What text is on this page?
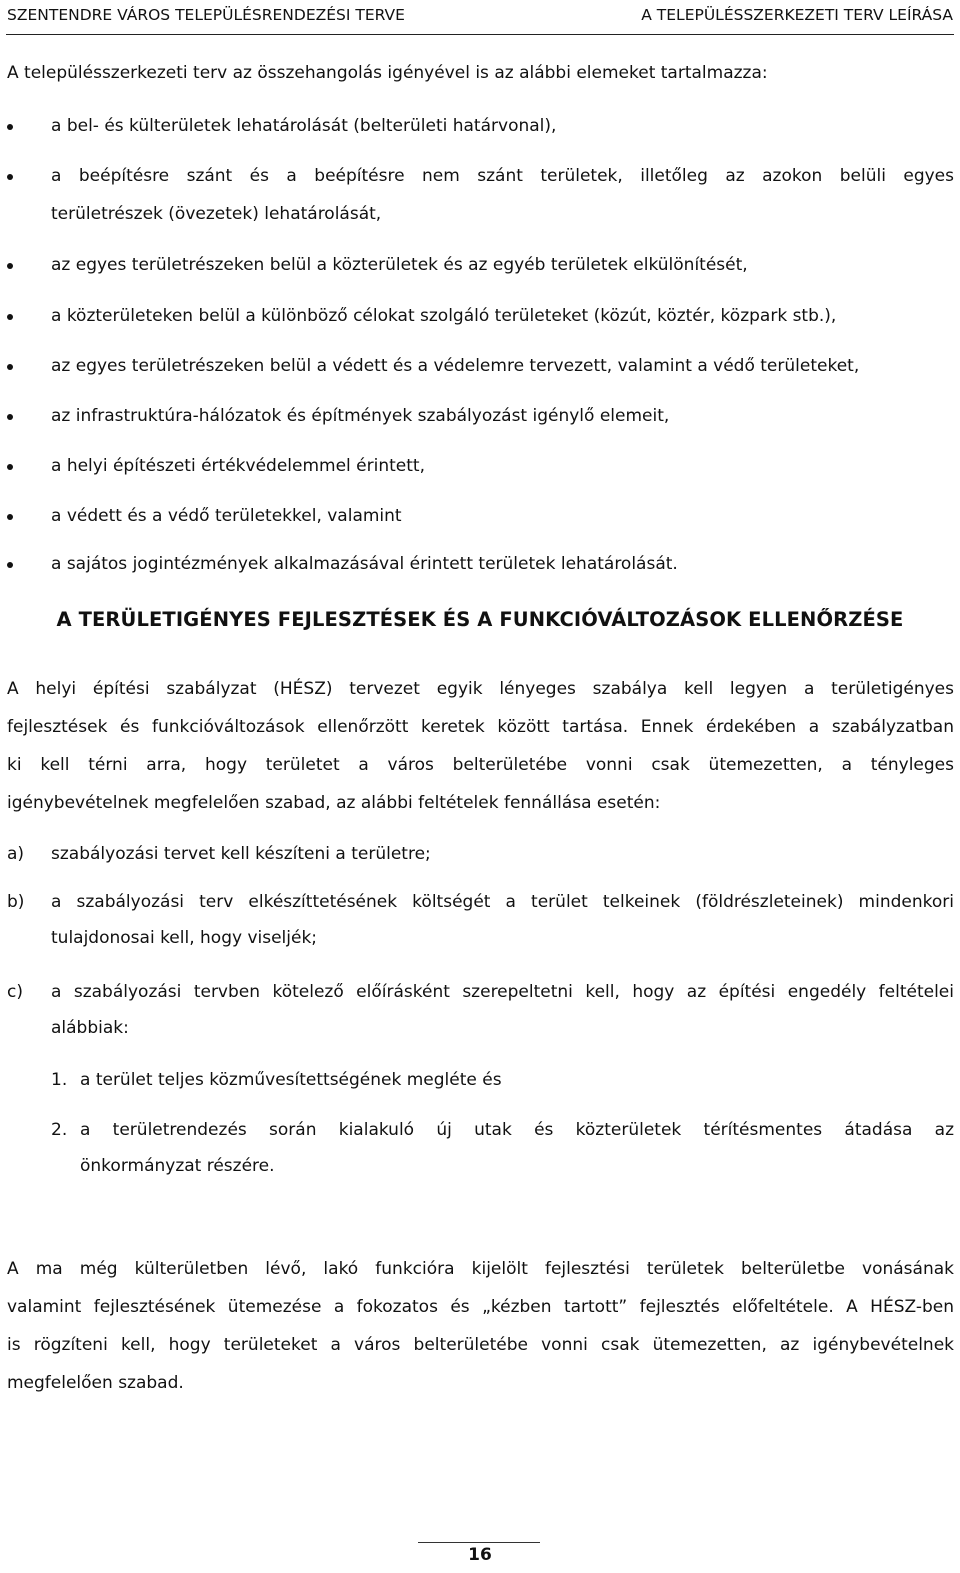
SZENTENDRE VÁROS TELEPÜLÉSRENDEZÉSI TERVE	A TELEPÜLÉSSZERKEZETI TERV LEÍRÁSA
A településszerkezeti terv az összehangolás igényével is az alábbi elemeket tartalmazza:
a bel- és külterületek lehatárolását (belterületi határvonal),
a beépítésre szánt és a beépítésre nem szánt területek, illetőleg az azokon belüli egyes
területrészek (övezetek) lehatárolását,
az egyes területrészeken belül a közterületek és az egyéb területek elkülönítését,
a közterületeken belül a különböző célokat szolgáló területeket (közút, köztér, közpark stb.),
az egyes területrészeken belül a védett és a védelemre tervezett, valamint a védő területeket,
az infrastruktúra-hálózatok és építmények szabályozást igénylő elemeit,
a helyi építészeti értékvédelemmel érintett,
a védett és a védő területekkel, valamint
a sajátos jogintézmények alkalmazásával érintett területek lehatárolását.
A TERÜLETIGÉNYES FEJLESZTÉSEK ÉS A FUNKCIÓVÁLTOZÁSOK ELLENŐRZÉSE
A helyi építési szabályzat (HÉSZ) tervezet egyik lényeges szabálya kell legyen a területigényes
fejlesztések és funkcióváltozások ellenőrzött keretek között tartása. Ennek érdekében a szabályzatban
ki kell térni arra, hogy területet a város belterületébe vonni csak ütemezetten, a tényleges
igénybevételnek megfelelően szabad, az alábbi feltételek fennállása esetén:
a) szabályozási tervet kell készíteni a területre;
b) a szabályozási terv elkészíttetésének költségét a terület telkeinek (földrészleteinek) mindenkori
tulajdonosai kell, hogy viseljék;
c) a szabályozási tervben kötelező előírásként szerepeltetni kell, hogy az építési engedély feltételei
alábbiak:
1. a terület teljes közművesítettségének megléte és
2. a területrendezés során kialakuló új utak és közterületek térítésmentes átadása az
önkormányzat részére.
A ma még külterületben lévő, lakó funkcióra kijelölt fejlesztési területek belterületbe vonásának
valamint fejlesztésének ütemezése a fokozatos és „kézben tartott” fejlesztés előfeltétele. A HÉSZ-ben
is rögzíteni kell, hogy területeket a város belterületébe vonni csak ütemezetten, az igénybevételnek
megfelelően szabad.
16
